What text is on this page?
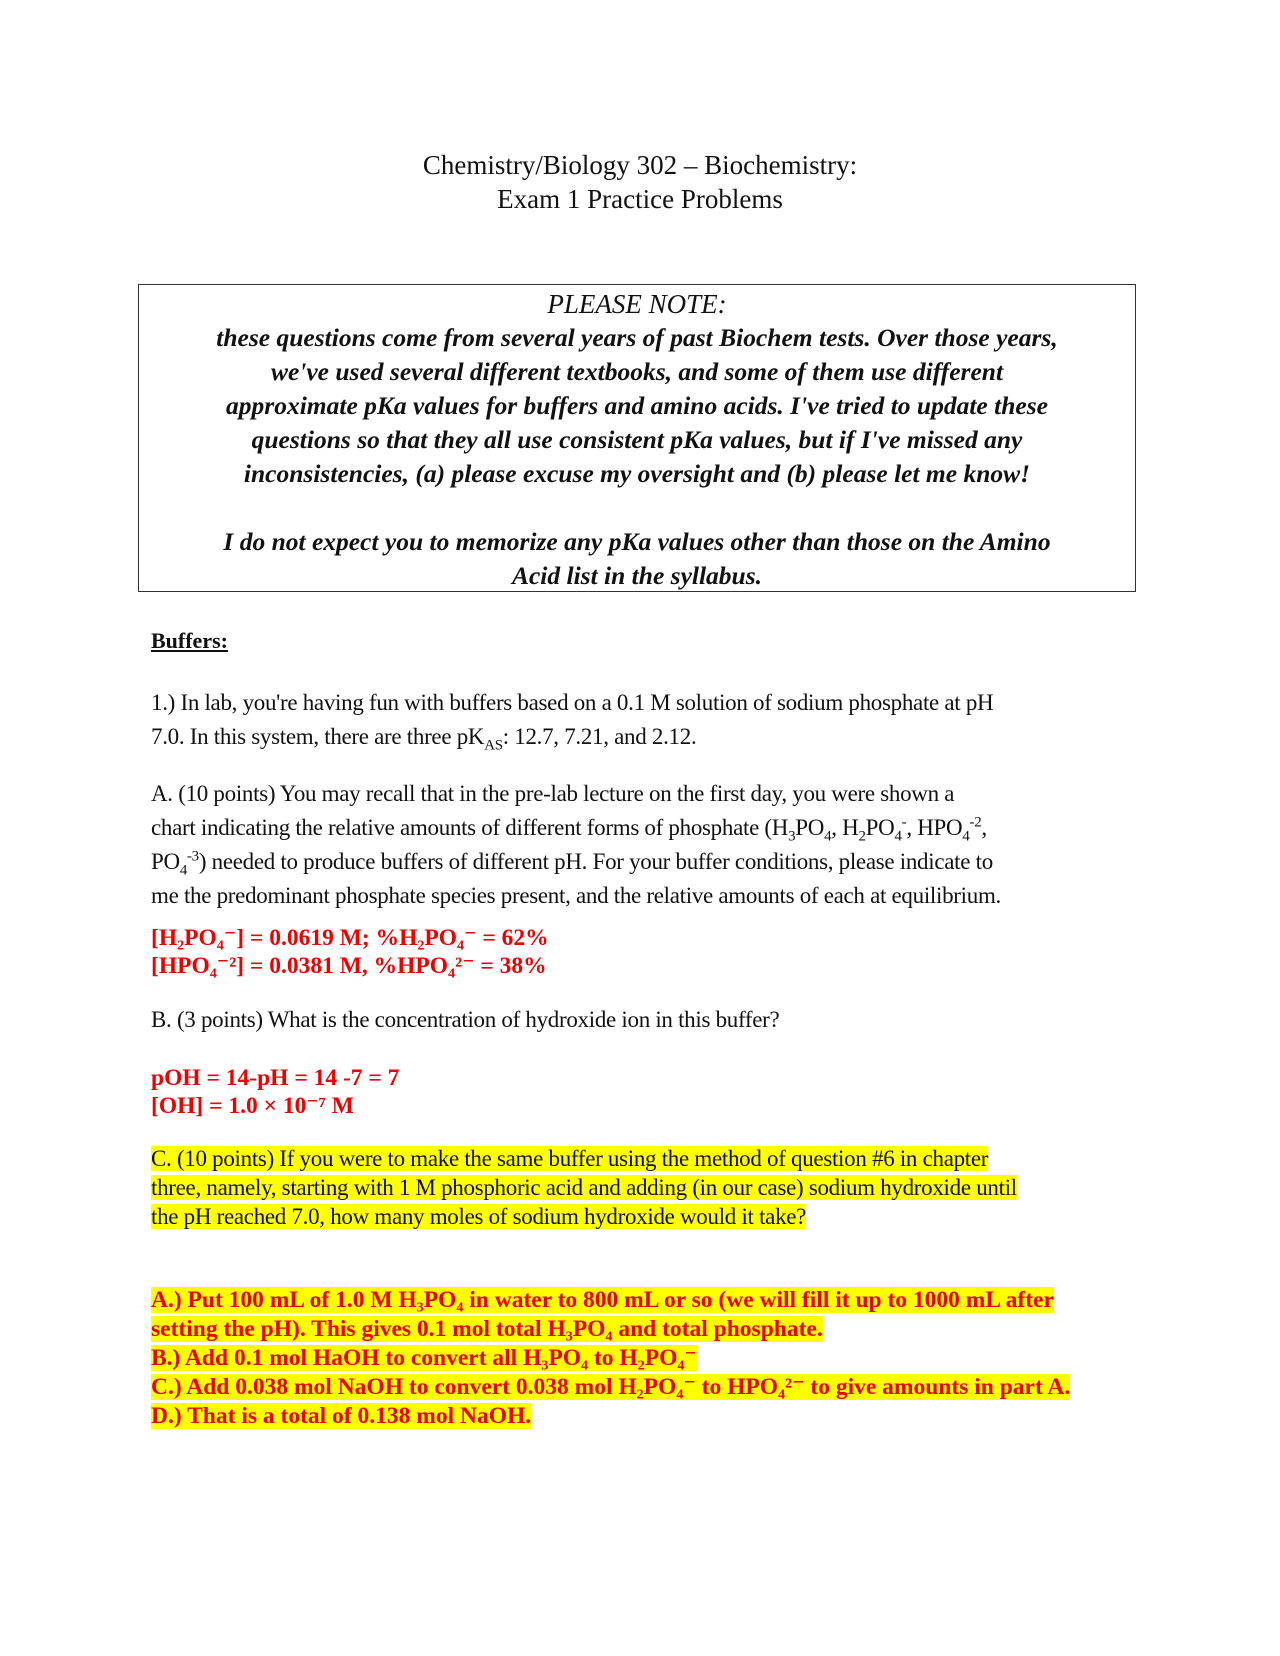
Chemistry/Biology 302 – Biochemistry:
Exam 1 Practice Problems
PLEASE NOTE:
these questions come from several years of past Biochem tests. Over those years,
we've used several different textbooks, and some of them use different
approximate pKa values for buffers and amino acids. I've tried to update these
questions so that they all use consistent pKa values, but if I've missed any
inconsistencies, (a) please excuse my oversight and (b) please let me know!
I do not expect you to memorize any pKa values other than those on the Amino
Acid list in the syllabus.
Buffers:
1.) In lab, you're having fun with buffers based on a 0.1 M solution of sodium phosphate at pH
7.0. In this system, there are three $pK_{AS}$: 12.7, 7.21, and 2.12.
A. (10 points) You may recall that in the pre-lab lecture on the first day, you were shown a
chart indicating the relative amounts of different forms of phosphate ($H_3PO_4$, $H_2PO_4^-$, $HPO_4^{-2}$,
$PO_4^{-3}$) needed to produce buffers of different pH. For your buffer conditions, please indicate to
me the predominant phosphate species present, and the relative amounts of each at equilibrium.
[H₂PO₄⁻] = 0.0619 M; %H₂PO₄⁻ = 62%
[HPO₄⁻²] = 0.0381 M, %HPO₄²⁻ = 38%
B. (3 points) What is the concentration of hydroxide ion in this buffer?
pOH = 14-pH = 14 -7 = 7
[OH] = 1.0 × 10⁻⁷ M
C. (10 points) If you were to make the same buffer using the method of question #6 in chapter
three, namely, starting with 1 M phosphoric acid and adding (in our case) sodium hydroxide until
the pH reached 7.0, how many moles of sodium hydroxide would it take?
A.) Put 100 mL of 1.0 M H₃PO₄ in water to 800 mL or so (we will fill it up to 1000 mL after
setting the pH). This gives 0.1 mol total H₃PO₄ and total phosphate.
B.) Add 0.1 mol HaOH to convert all H₃PO₄ to H₂PO₄⁻
C.) Add 0.038 mol NaOH to convert 0.038 mol H₂PO₄⁻ to HPO₄²⁻ to give amounts in part A.
D.) That is a total of 0.138 mol NaOH.
